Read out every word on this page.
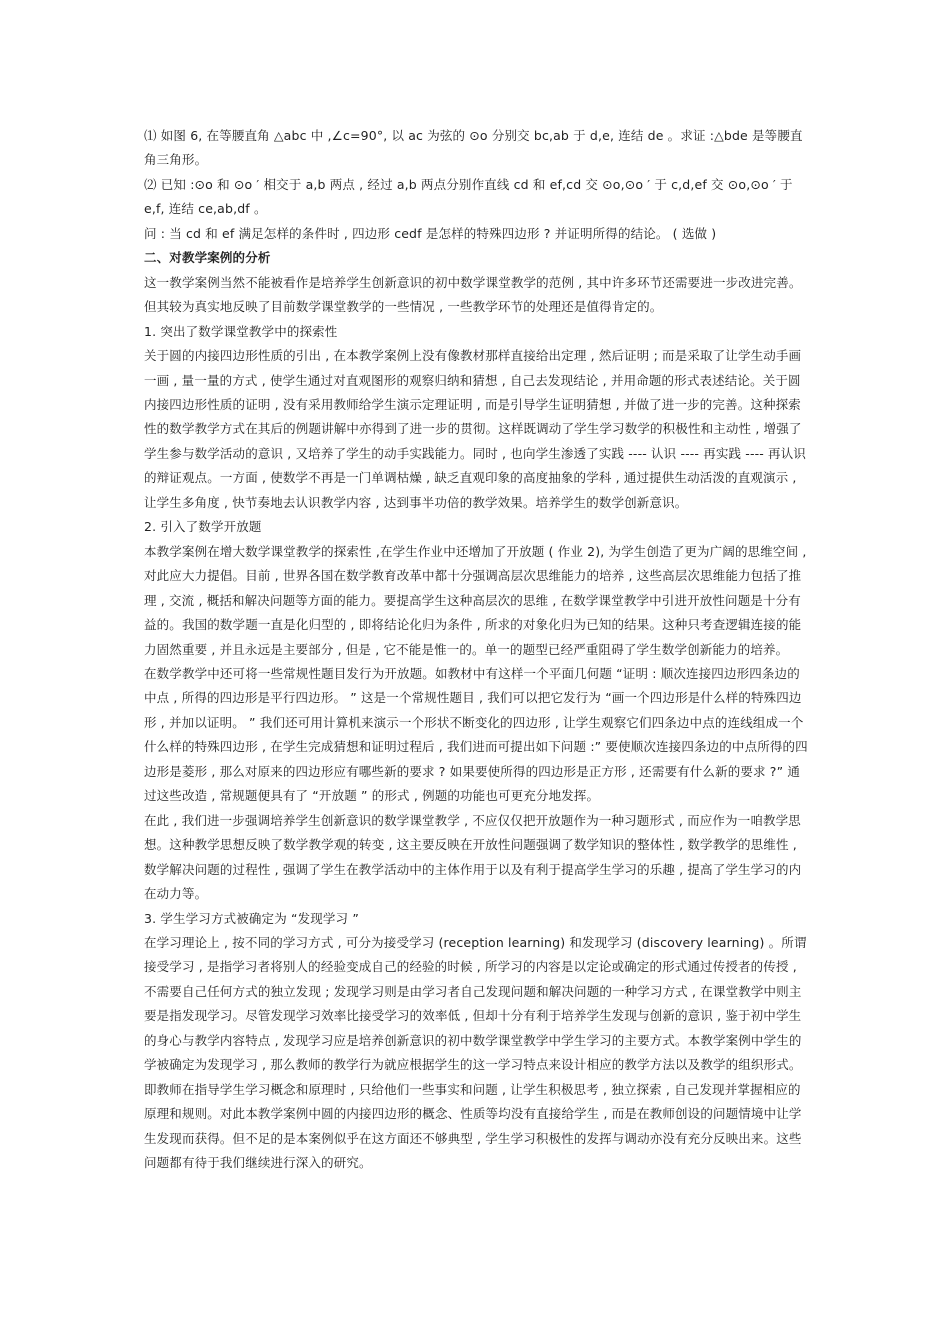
⑴ 如图 6, 在等腰直角 △abc 中 ,∠c=90°, 以 ac 为弦的 ⊙o 分别交 bc,ab 于 d,e, 连结 de 。求证 :△bde 是等腰直角三角形。

⑵ 已知 :⊙o 和 ⊙o ′ 相交于 a,b 两点 , 经过 a,b 两点分别作直线 cd 和 ef,cd 交 ⊙o,⊙o ′ 于 c,d,ef 交 ⊙o,⊙o ′ 于 e,f, 连结 ce,ab,df 。

问 : 当 cd 和 ef 满足怎样的条件时 , 四边形 cedf 是怎样的特殊四边形 ? 并证明所得的结论。 ( 选做 )

二、对教学案例的分析

这一教学案例当然不能被看作是培养学生创新意识的初中数学课堂教学的范例 , 其中许多环节还需要进一步改进完善。但其较为真实地反映了目前数学课堂教学的一些情况 , 一些教学环节的处理还是值得肯定的。

1. 突出了数学课堂教学中的探索性

关于圆的内接四边形性质的引出 , 在本教学案例上没有像教材那样直接给出定理 , 然后证明 ; 而是采取了让学生动手画一画 , 量一量的方式 , 使学生通过对直观图形的观察归纳和猜想 , 自己去发现结论 , 并用命题的形式表述结论。关于圆内接四边形性质的证明 , 没有采用教师给学生演示定理证明 , 而是引导学生证明猜想 , 并做了进一步的完善。这种探索性的数学教学方式在其后的例题讲解中亦得到了进一步的贯彻。这样既调动了学生学习数学的积极性和主动性 , 增强了学生参与数学活动的意识 , 又培养了学生的动手实践能力。同时 , 也向学生渗透了实践 ---- 认识 ---- 再实践 ---- 再认识的辩证观点。一方面 , 使数学不再是一门单调枯燥 , 缺乏直观印象的高度抽象的学科 , 通过提供生动活泼的直观演示 , 让学生多角度 , 快节奏地去认识教学内容 , 达到事半功倍的教学效果。培养学生的数学创新意识。

2. 引入了数学开放题

本教学案例在增大数学课堂教学的探索性 ,在学生作业中还增加了开放题 ( 作业 2), 为学生创造了更为广阔的思维空间 , 对此应大力提倡。目前 , 世界各国在数学教育改革中都十分强调高层次思维能力的培养 , 这些高层次思维能力包括了推理 , 交流 , 概括和解决问题等方面的能力。要提高学生这种高层次的思维 , 在数学课堂教学中引进开放性问题是十分有益的。我国的数学题一直是化归型的 , 即将结论化归为条件 , 所求的对象化归为已知的结果。这种只考查逻辑连接的能力固然重要 , 并且永远是主要部分 , 但是 , 它不能是惟一的。单一的题型已经严重阻碍了学生数学创新能力的培养。

在数学教学中还可将一些常规性题目发行为开放题。如教材中有这样一个平面几何题 “证明 : 顺次连接四边形四条边的中点 , 所得的四边形是平行四边形。 ” 这是一个常规性题目 , 我们可以把它发行为 “画一个四边形是什么样的特殊四边形 , 并加以证明。 ” 我们还可用计算机来演示一个形状不断变化的四边形 , 让学生观察它们四条边中点的连线组成一个什么样的特殊四边形 , 在学生完成猜想和证明过程后 , 我们进而可提出如下问题 :” 要使顺次连接四条边的中点所得的四边形是菱形 , 那么对原来的四边形应有哪些新的要求 ? 如果要使所得的四边形是正方形 , 还需要有什么新的要求 ?” 通过这些改造 , 常规题便具有了 “开放题 ” 的形式 , 例题的功能也可更充分地发挥。

在此 , 我们进一步强调培养学生创新意识的数学课堂教学 , 不应仅仅把开放题作为一种习题形式 , 而应作为一咱教学思想。这种教学思想反映了数学教学观的转变 , 这主要反映在开放性问题强调了数学知识的整体性 , 数学教学的思维性 , 数学解决问题的过程性 , 强调了学生在教学活动中的主体作用于以及有利于提高学生学习的乐趣 , 提高了学生学习的内在动力等。

3. 学生学习方式被确定为 “发现学习 ”

在学习理论上 , 按不同的学习方式 , 可分为接受学习 (reception learning) 和发现学习 (discovery learning) 。所谓接受学习 , 是指学习者将别人的经验变成自己的经验的时候 , 所学习的内容是以定论或确定的形式通过传授者的传授 , 不需要自己任何方式的独立发现 ; 发现学习则是由学习者自己发现问题和解决问题的一种学习方式 , 在课堂教学中则主要是指发现学习。尽管发现学习效率比接受学习的效率低 , 但却十分有利于培养学生发现与创新的意识 , 鉴于初中学生的身心与教学内容特点 , 发现学习应是培养创新意识的初中数学课堂教学中学生学习的主要方式。本教学案例中学生的学被确定为发现学习 , 那么教师的教学行为就应根据学生的这一学习特点来设计相应的教学方法以及教学的组织形式。即教师在指导学生学习概念和原理时 , 只给他们一些事实和问题 , 让学生积极思考 , 独立探索 , 自己发现并掌握相应的原理和规则。对此本教学案例中圆的内接四边形的概念、性质等均没有直接给学生 , 而是在教师创设的问题情境中让学生发现而获得。但不足的是本案例似乎在这方面还不够典型 , 学生学习积极性的发挥与调动亦没有充分反映出来。这些问题都有待于我们继续进行深入的研究。
